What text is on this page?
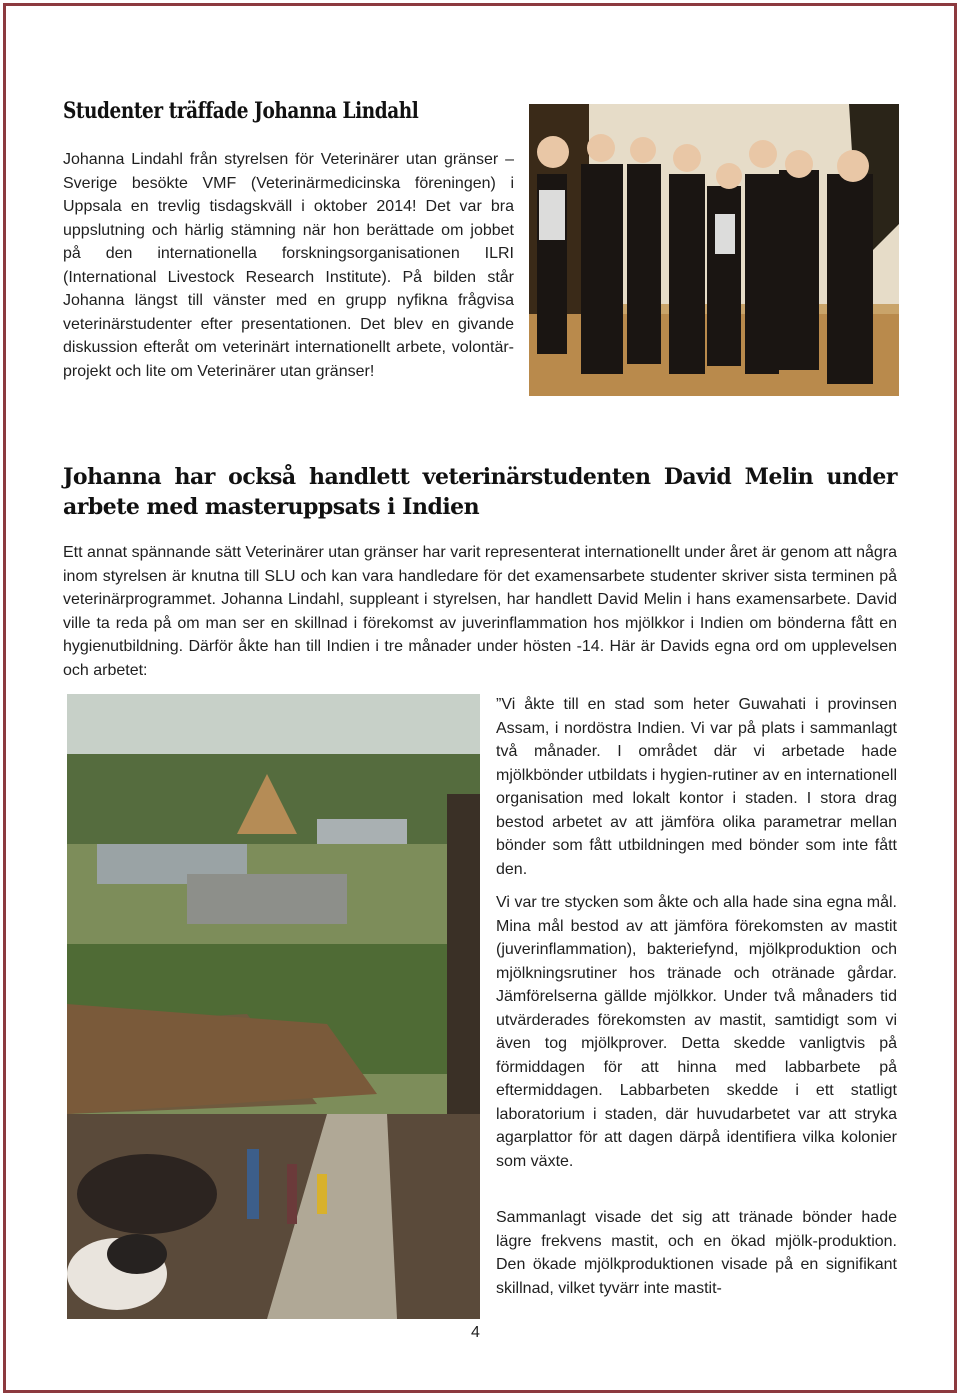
Studenter träffade Johanna Lindahl

Johanna Lindahl från styrelsen för Veterinärer utan gränser – Sverige besökte VMF (Veterinärmedicinska föreningen) i Uppsala en trevlig tisdagskväll i oktober 2014! Det var bra uppslutning och härlig stämning när hon berättade om jobbet på den internationella forskningsorganisationen ILRI (International Livestock Research Institute). På bilden står Johanna längst till vänster med en grupp nyfikna frågvisa veterinärstudenter efter presentationen. Det blev en givande diskussion efteråt om veterinärt internationellt arbete, volontär-projekt och lite om Veterinärer utan gränser!

Johanna har också handlett veterinärstudenten David Melin under arbete med masteruppsats i Indien

Ett annat spännande sätt Veterinärer utan gränser har varit representerat internationellt under året är genom att några inom styrelsen är knutna till SLU och kan vara handledare för det examensarbete studenter skriver sista terminen på veterinärprogrammet. Johanna Lindahl, suppleant i styrelsen, har handlett David Melin i hans examensarbete. David ville ta reda på om man ser en skillnad i förekomst av juverinflammation hos mjölkkor i Indien om bönderna fått en hygienutbildning. Därför åkte han till Indien i tre månader under hösten -14. Här är Davids egna ord om upplevelsen och arbetet:

”Vi åkte till en stad som heter Guwahati i provinsen Assam, i nordöstra Indien. Vi var på plats i sammanlagt två månader. I området där vi arbetade hade mjölkbönder utbildats i hygien-rutiner av en internationell organisation med lokalt kontor i staden. I stora drag bestod arbetet av att jämföra olika parametrar mellan bönder som fått utbildningen med bönder som inte fått den.

Vi var tre stycken som åkte och alla hade sina egna mål. Mina mål bestod av att jämföra förekomsten av mastit (juverinflammation), bakteriefynd, mjölkproduktion och mjölkningsrutiner hos tränade och otränade gårdar. Jämförelserna gällde mjölkkor. Under två månaders tid utvärderades förekomsten av mastit, samtidigt som vi även tog mjölkprover. Detta skedde vanligtvis på förmiddagen för att hinna med labbarbete på eftermiddagen. Labbarbeten skedde i ett statligt laboratorium i staden, där huvudarbetet var att stryka agarplattor för att dagen därpå identifiera vilka kolonier som växte.

Sammanlagt visade det sig att tränade bönder hade lägre frekvens mastit, och en ökad mjölk-produktion. Den ökade mjölkproduktionen visade på en signifikant skillnad, vilket tyvärr inte mastit-

4
